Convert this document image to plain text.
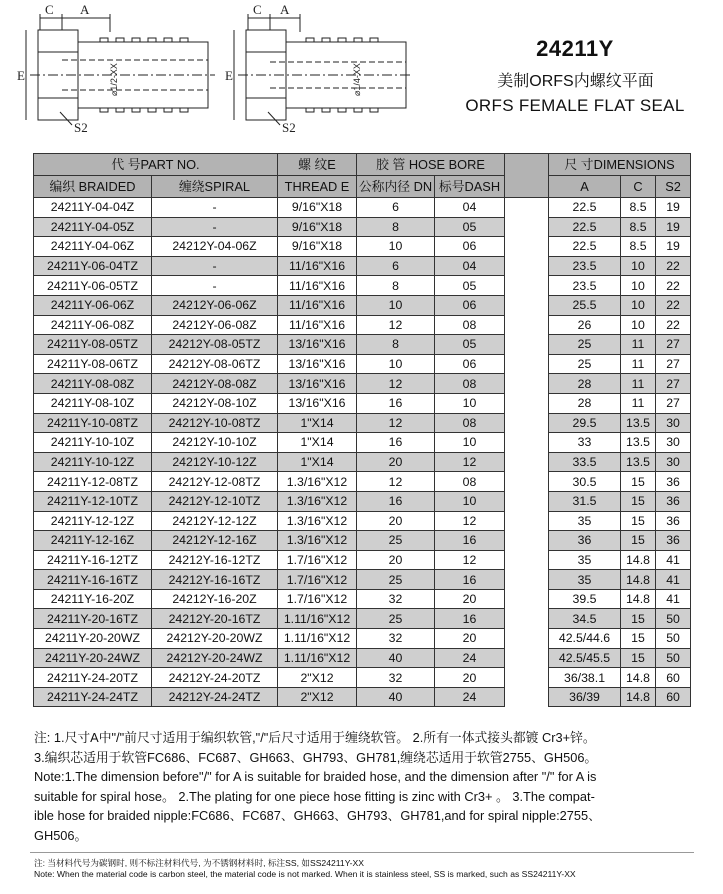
C A
E
S2
⌀1/2-XX
C A
E
S2
⌀1/4-XX
24211Y
美制ORFS内螺纹平面
ORFS FEMALE FLAT SEAL
代 号PART NO.		螺 纹E	胶 管 HOSE BORE			尺 寸DIMENSIONS		
编织 BRAIDED	缠绕SPIRAL	THREAD E	公称内径 DN	标号DASH		A	C	S2
24211Y-04-04Z	-	9/16"X18	6	04		22.5	8.5	19
24211Y-04-05Z	-	9/16"X18	8	05		22.5	8.5	19
24211Y-04-06Z	24212Y-04-06Z	9/16"X18	10	06		22.5	8.5	19
24211Y-06-04TZ	-	11/16"X16	6	04		23.5	10	22
24211Y-06-05TZ	-	11/16"X16	8	05		23.5	10	22
24211Y-06-06Z	24212Y-06-06Z	11/16"X16	10	06		25.5	10	22
24211Y-06-08Z	24212Y-06-08Z	11/16"X16	12	08		26	10	22
24211Y-08-05TZ	24212Y-08-05TZ	13/16"X16	8	05		25	11	27
24211Y-08-06TZ	24212Y-08-06TZ	13/16"X16	10	06		25	11	27
24211Y-08-08Z	24212Y-08-08Z	13/16"X16	12	08		28	11	27
24211Y-08-10Z	24212Y-08-10Z	13/16"X16	16	10		28	11	27
24211Y-10-08TZ	24212Y-10-08TZ	1"X14	12	08		29.5	13.5	30
24211Y-10-10Z	24212Y-10-10Z	1"X14	16	10		33	13.5	30
24211Y-10-12Z	24212Y-10-12Z	1"X14	20	12		33.5	13.5	30
24211Y-12-08TZ	24212Y-12-08TZ	1.3/16"X12	12	08		30.5	15	36
24211Y-12-10TZ	24212Y-12-10TZ	1.3/16"X12	16	10		31.5	15	36
24211Y-12-12Z	24212Y-12-12Z	1.3/16"X12	20	12		35	15	36
24211Y-12-16Z	24212Y-12-16Z	1.3/16"X12	25	16		36	15	36
24211Y-16-12TZ	24212Y-16-12TZ	1.7/16"X12	20	12		35	14.8	41
24211Y-16-16TZ	24212Y-16-16TZ	1.7/16"X12	25	16		35	14.8	41
24211Y-16-20Z	24212Y-16-20Z	1.7/16"X12	32	20		39.5	14.8	41
24211Y-20-16TZ	24212Y-20-16TZ	1.11/16"X12	25	16		34.5	15	50
24211Y-20-20WZ	24212Y-20-20WZ	1.11/16"X12	32	20		42.5/44.6	15	50
24211Y-20-24WZ	24212Y-20-24WZ	1.11/16"X12	40	24		42.5/45.5	15	50
24211Y-24-20TZ	24212Y-24-20TZ	2"X12	32	20		36/38.1	14.8	60
24211Y-24-24TZ	24212Y-24-24TZ	2"X12	40	24		36/39	14.8	60

注: 1.尺寸A中"/"前尺寸适用于编织软管,"/"后尺寸适用于缠绕软管。 2.所有一体式接头都镀 Cr3+锌。

3.编织芯适用于软管FC686、FC687、GH663、GH793、GH781,缠绕芯适用于软管2755、GH506。

Note:1.The dimension before"/" for A is suitable for braided hose, and the dimension after "/" for A is

suitable for spiral hose。 2.The plating for one piece hose fitting is zinc with Cr3+ 。 3.The compat-

ible hose for braided nipple:FC686、FC687、GH663、GH793、GH781,and for spiral nipple:2755、

GH506。

注: 当材料代号为碳钢时, 则不标注材料代号, 为不锈钢材料时, 标注SS, 如SS24211Y-XX

Note: When the material code is carbon steel, the material code is not marked. When it is stainless steel, SS is marked, such as SS24211Y-XX
